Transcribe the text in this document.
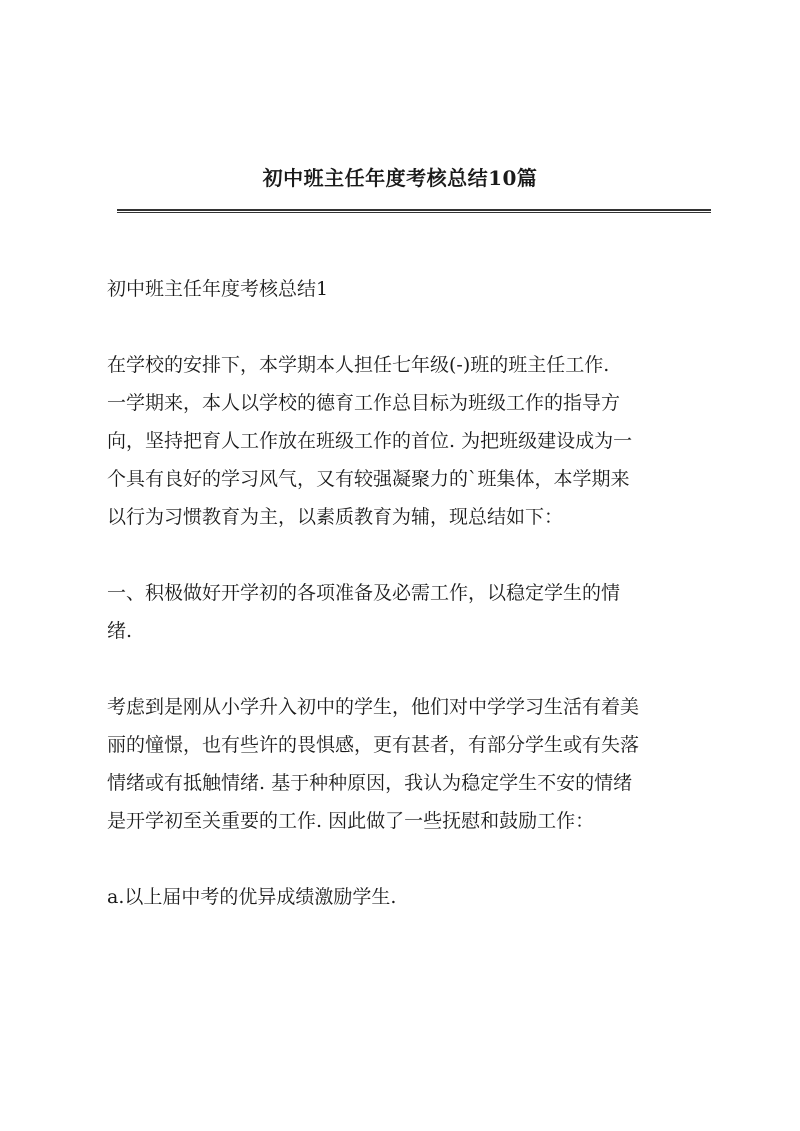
初中班主任年度考核总结10篇
初中班主任年度考核总结1
在学校的安排下，本学期本人担任七年级(-)班的班主任工作.
一学期来，本人以学校的德育工作总目标为班级工作的指导方
向，坚持把育人工作放在班级工作的首位. 为把班级建设成为一
个具有良好的学习风气，又有较强凝聚力的`班集体，本学期来
以行为习惯教育为主，以素质教育为辅，现总结如下：
一、积极做好开学初的各项准备及必需工作，以稳定学生的情
绪.
考虑到是刚从小学升入初中的学生，他们对中学学习生活有着美
丽的憧憬，也有些许的畏惧感，更有甚者，有部分学生或有失落
情绪或有抵触情绪. 基于种种原因，我认为稳定学生不安的情绪
是开学初至关重要的工作. 因此做了一些抚慰和鼓励工作：
a.以上届中考的优异成绩激励学生.
